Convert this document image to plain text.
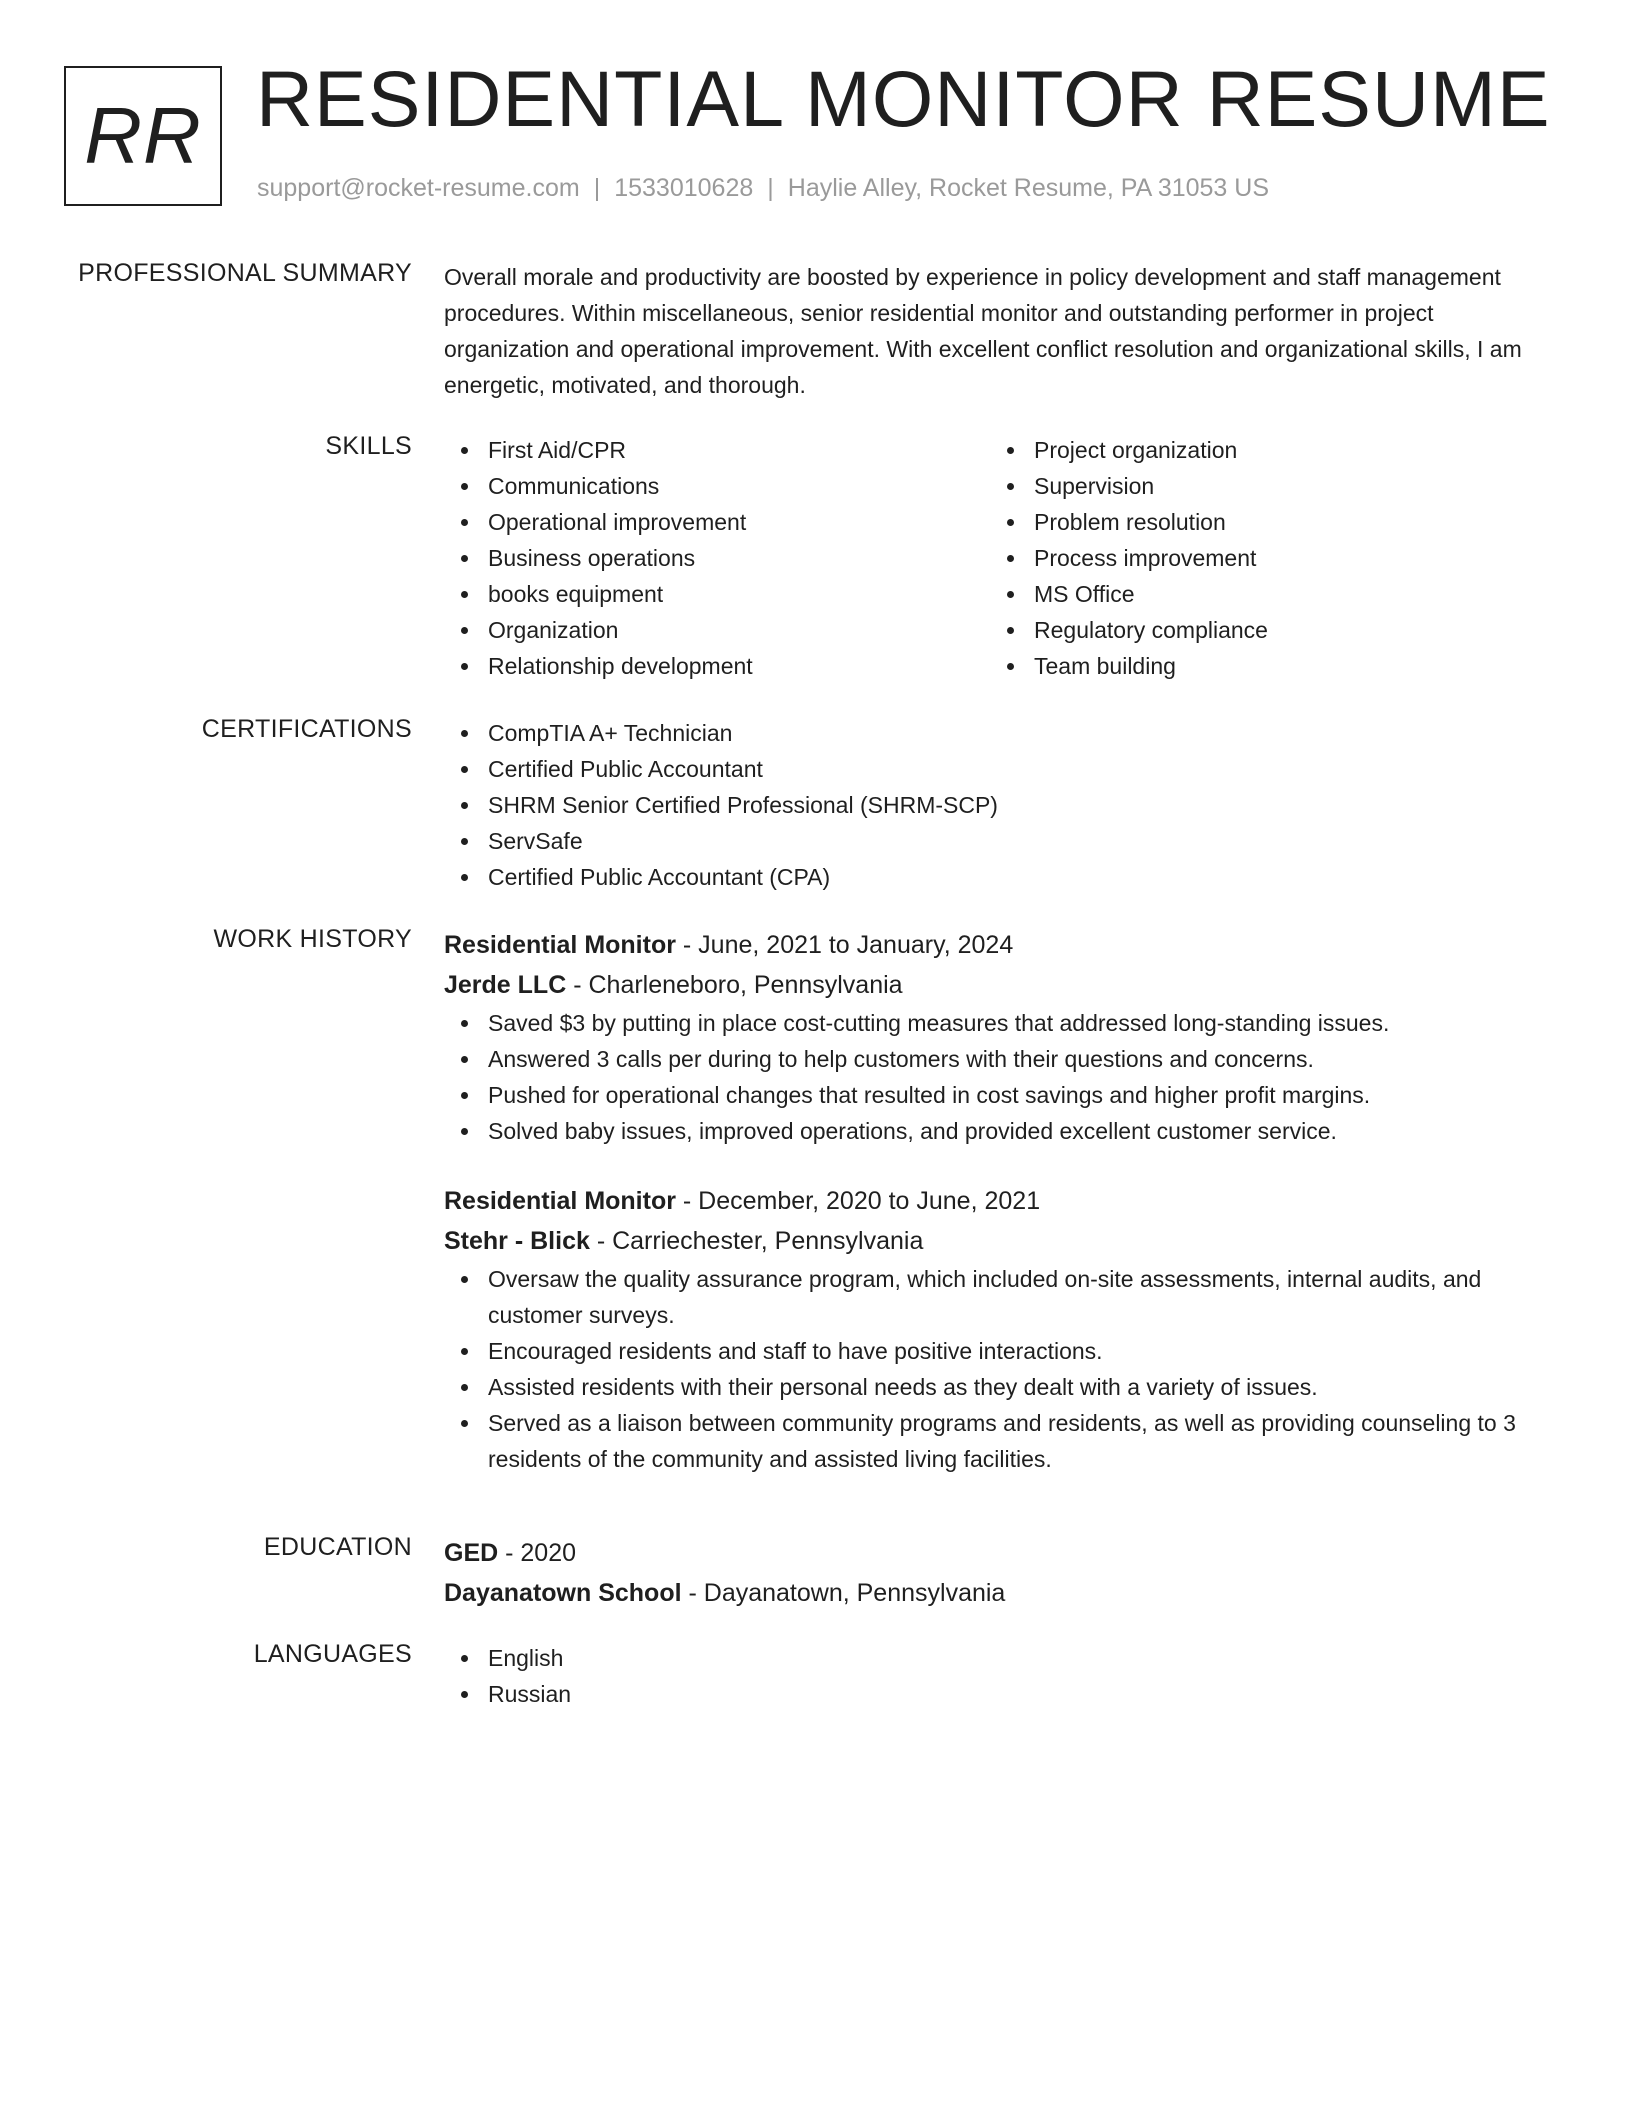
RR RESIDENTIAL MONITOR RESUME
support@rocket-resume.com | 1533010628 | Haylie Alley, Rocket Resume, PA 31053 US
PROFESSIONAL SUMMARY Overall morale and productivity are boosted by experience in policy development and staff management procedures. Within miscellaneous, senior residential monitor and outstanding performer in project organization and operational improvement. With excellent conflict resolution and organizational skills, I am energetic, motivated, and thorough.

SKILLS	First Aid/CPR
Communications
Operational improvement
Business operations
books equipment
Organization
Relationship development
Project organization
Supervision
Problem resolution
Process improvement
MS Office
Regulatory compliance
Team building
CERTIFICATIONS	CompTIA A+ Technician
Certified Public Accountant
SHRM Senior Certified Professional (SHRM-SCP)
ServSafe
Certified Public Accountant (CPA)
WORK HISTORY Residential Monitor - June, 2021 to January, 2024
Jerde LLC - Charleneboro, Pennsylvania
Saved $3 by putting in place cost-cutting measures that addressed long-standing issues.
Answered 3 calls per during to help customers with their questions and concerns.
Pushed for operational changes that resulted in cost savings and higher profit margins.
Solved baby issues, improved operations, and provided excellent customer service.
Residential Monitor - December, 2020 to June, 2021
Stehr - Blick - Carriechester, Pennsylvania
Oversaw the quality assurance program, which included on-site assessments, internal audits, and customer surveys.
Encouraged residents and staff to have positive interactions.
Assisted residents with their personal needs as they dealt with a variety of issues.
Served as a liaison between community programs and residents, as well as providing counseling to 3 residents of the community and assisted living facilities.
EDUCATION GED - 2020
Dayanatown School - Dayanatown, Pennsylvania
LANGUAGES	English
Russian
